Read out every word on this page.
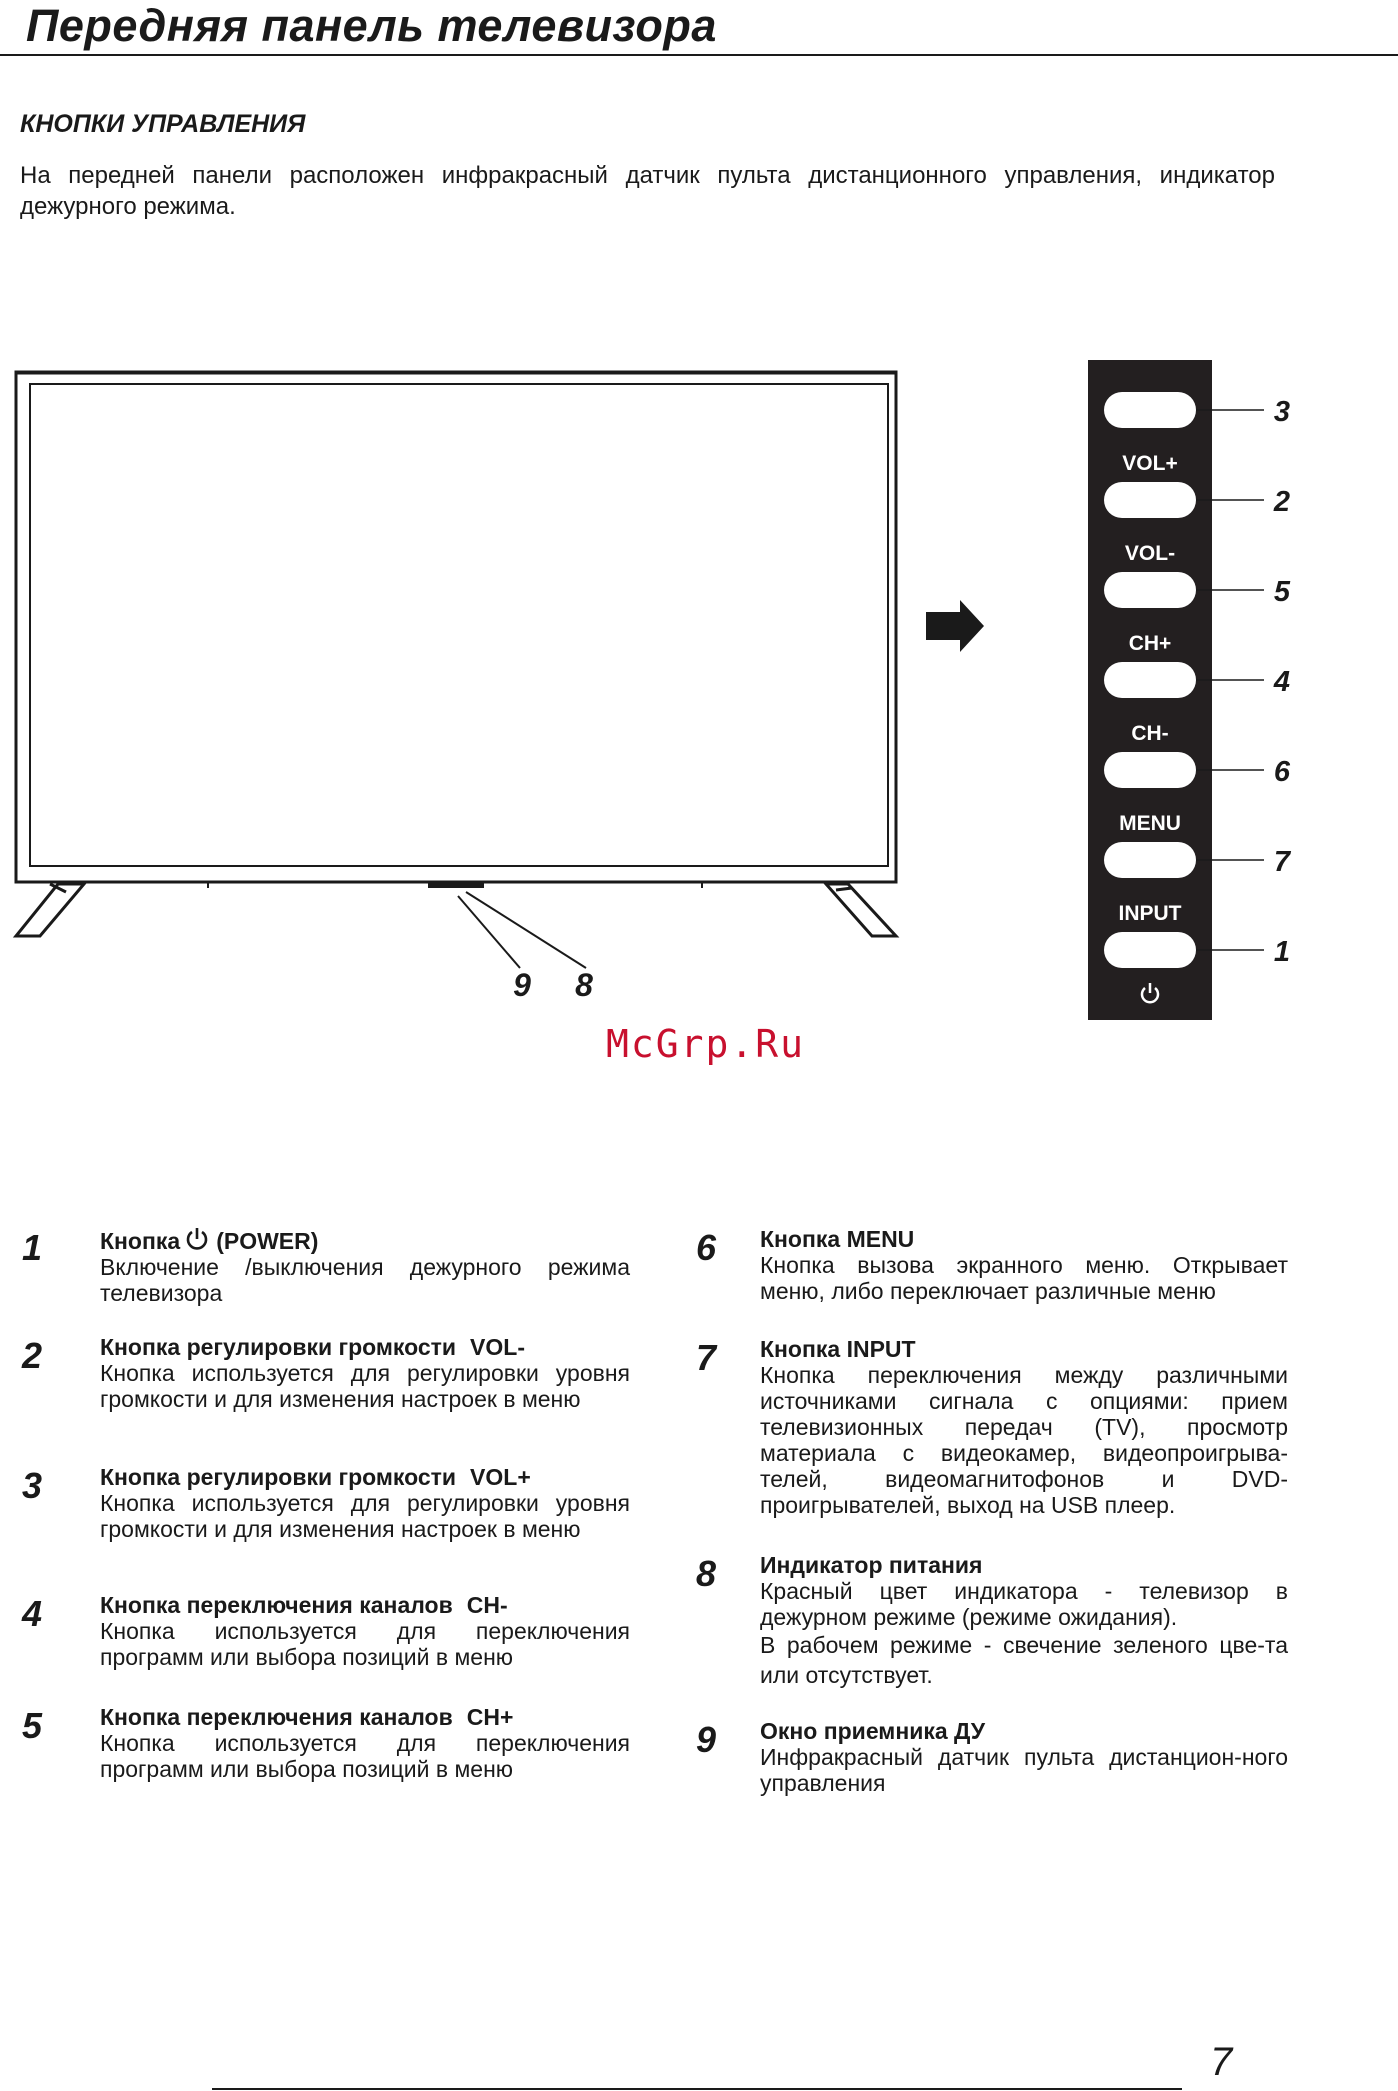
Передняя панель телевизора
КНОПКИ УПРАВЛЕНИЯ
На передней панели расположен инфракрасный датчик пульта дистанционного управления, индикатор дежурного режима.
9 8
3
VOL+
2
VOL-
5
CH+
4
CH-
6
MENU
7
INPUT
1
McGrp.Ru
1	Кнопка (POWER)
Включение /выключения дежурного режима телевизора
2	Кнопка регулировки громкости VOL-
Кнопка используется для регулировки уровня громкости и для изменения настроек в меню
3	Кнопка регулировки громкости VOL+
Кнопка используется для регулировки уровня громкости и для изменения настроек в меню
4	Кнопка переключения каналов CH-
Кнопка используется для переключения программ или выбора позиций в меню
5	Кнопка переключения каналов CH+
Кнопка используется для переключения программ или выбора позиций в меню
6 Кнопка MENU
Кнопка вызова экранного меню. Открывает меню, либо переключает различные меню
7 Кнопка INPUT
Кнопка переключения между различными источниками сигнала с опциями: прием телевизионных передач (TV), просмотр материала с видеокамер, видеопроигрыва-телей, видеомагнитофонов и DVD-проигрывателей, выход на USB плеер.
8 Индикатор питания
Красный цвет индикатора - телевизор в дежурном режиме (режиме ожидания).
В рабочем режиме - свечение зеленого цве-та или отсутствует.
9 Окно приемника ДУ
Инфракрасный датчик пульта дистанцион-ного управления
7
